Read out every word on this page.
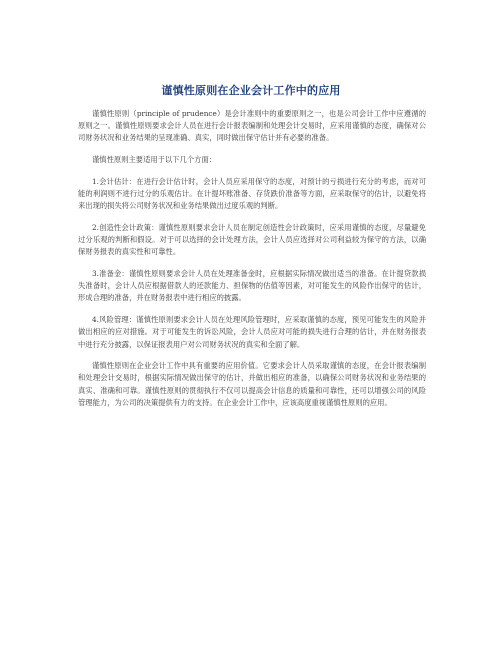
谨慎性原则在企业会计工作中的应用

谨慎性原则（principle of prudence）是会计准则中的重要原则之一，也是公司会计工作中应遵循的原则之一。谨慎性原则要求会计人员在进行会计报表编制和处理会计交易时，应采用谨慎的态度，确保对公司财务状况和业务结果的呈现准确、真实，同时做出保守估计并有必要的准备。

谨慎性原则主要适用于以下几个方面：

1.会计估计：在进行会计估计时，会计人员应采用保守的态度，对预计的亏损进行充分的考虑，而对可能的利润则不进行过分的乐观估计。在计提坏账准备、存货跌价准备等方面，应采取保守的估计，以避免将来出现的损失将公司财务状况和业务结果做出过度乐观的判断。

2.创造性会计政策：谨慎性原则要求会计人员在制定创造性会计政策时，应采用谨慎的态度，尽量避免过分乐观的判断和假设。对于可以选择的会计处理方法，会计人员应选择对公司利益较为保守的方法，以确保财务报表的真实性和可靠性。

3.准备金：谨慎性原则要求会计人员在处理准备金时，应根据实际情况做出适当的准备。在计提贷款损失准备时，会计人员应根据借款人的还款能力、担保物的估值等因素，对可能发生的风险作出保守的估计，形成合理的准备，并在财务报表中进行相应的披露。

4.风险管理：谨慎性原则要求会计人员在处理风险管理时，应采取谨慎的态度，预见可能发生的风险并做出相应的应对措施。对于可能发生的诉讼风险，会计人员应对可能的损失进行合理的估计，并在财务报表中进行充分披露，以保证报表用户对公司财务状况的真实和全面了解。

谨慎性原则在企业会计工作中具有重要的应用价值。它要求会计人员采取谨慎的态度，在会计报表编制和处理会计交易时，根据实际情况做出保守的估计，并做出相应的准备，以确保公司财务状况和业务结果的真实、准确和可靠。谨慎性原则的贯彻执行不仅可以提高会计信息的质量和可靠性，还可以增强公司的风险管理能力，为公司的决策提供有力的支持。在企业会计工作中，应该高度重视谨慎性原则的应用。
